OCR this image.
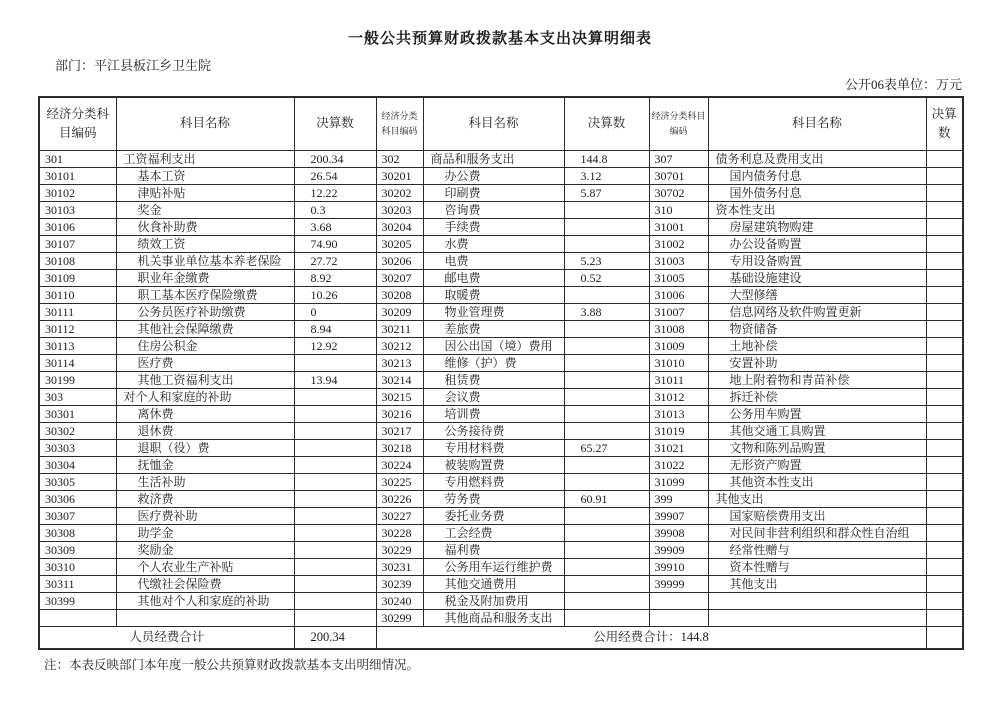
一般公共预算财政拨款基本支出决算明细表
部门：平江县板江乡卫生院
公开06表单位：万元
经济分类科目编码	科目名称	决算数	经济分类科目编码	科目名称	决算数	经济分类科目编码	科目名称	决算数
301	工资福利支出	200.34	302	商品和服务支出	144.8	307	债务利息及费用支出	
30101	基本工资	26.54	30201	办公费	3.12	30701	国内债务付息	
30102	津贴补贴	12.22	30202	印刷费	5.87	30702	国外债务付息	
30103	奖金	0.3	30203	咨询费		310	资本性支出	
30106	伙食补助费	3.68	30204	手续费		31001	房屋建筑物购建	
30107	绩效工资	74.90	30205	水费		31002	办公设备购置	
30108	机关事业单位基本养老保险	27.72	30206	电费	5.23	31003	专用设备购置	
30109	职业年金缴费	8.92	30207	邮电费	0.52	31005	基础设施建设	
30110	职工基本医疗保险缴费	10.26	30208	取暖费		31006	大型修缮	
30111	公务员医疗补助缴费	0	30209	物业管理费	3.88	31007	信息网络及软件购置更新	
30112	其他社会保障缴费	8.94	30211	差旅费		31008	物资储备	
30113	住房公积金	12.92	30212	因公出国（境）费用		31009	土地补偿	
30114	医疗费		30213	维修（护）费		31010	安置补助	
30199	其他工资福利支出	13.94	30214	租赁费		31011	地上附着物和青苗补偿	
303	对个人和家庭的补助		30215	会议费		31012	拆迁补偿	
30301	离休费		30216	培训费		31013	公务用车购置	
30302	退休费		30217	公务接待费		31019	其他交通工具购置	
30303	退职（役）费		30218	专用材料费	65.27	31021	文物和陈列品购置	
30304	抚恤金		30224	被装购置费		31022	无形资产购置	
30305	生活补助		30225	专用燃料费		31099	其他资本性支出	
30306	救济费		30226	劳务费	60.91	399	其他支出	
30307	医疗费补助		30227	委托业务费		39907	国家赔偿费用支出	
30308	助学金		30228	工会经费		39908	对民间非营利组织和群众性自治组	
30309	奖励金		30229	福利费		39909	经常性赠与	
30310	个人农业生产补贴		30231	公务用车运行维护费		39910	资本性赠与	
30311	代缴社会保险费		30239	其他交通费用		39999	其他支出	
30399	其他对个人和家庭的补助		30240	税金及附加费用				
			30299	其他商品和服务支出				
人员经费合计		200.34	公用经费合计：144.8					
注：本表反映部门本年度一般公共预算财政拨款基本支出明细情况。
